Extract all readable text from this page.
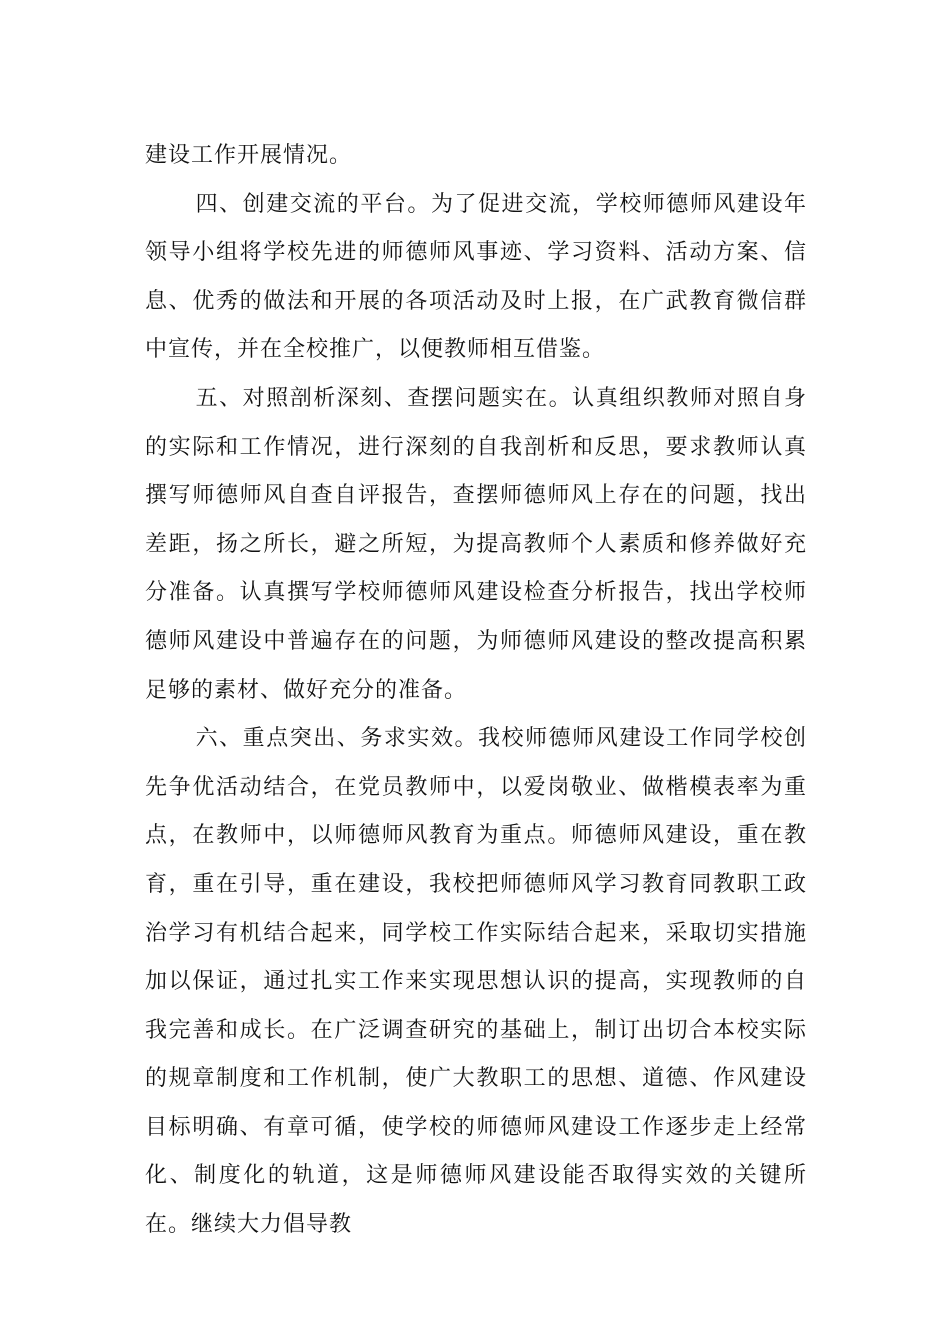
建设工作开展情况。

四、创建交流的平台。为了促进交流，学校师德师风建设年领导小组将学校先进的师德师风事迹、学习资料、活动方案、信息、优秀的做法和开展的各项活动及时上报，在广武教育微信群中宣传，并在全校推广，以便教师相互借鉴。

五、对照剖析深刻、查摆问题实在。认真组织教师对照自身的实际和工作情况，进行深刻的自我剖析和反思，要求教师认真撰写师德师风自查自评报告，查摆师德师风上存在的问题，找出差距，扬之所长，避之所短，为提高教师个人素质和修养做好充分准备。认真撰写学校师德师风建设检查分析报告，找出学校师德师风建设中普遍存在的问题，为师德师风建设的整改提高积累足够的素材、做好充分的准备。

六、重点突出、务求实效。我校师德师风建设工作同学校创先争优活动结合，在党员教师中，以爱岗敬业、做楷模表率为重点，在教师中，以师德师风教育为重点。师德师风建设，重在教育，重在引导，重在建设，我校把师德师风学习教育同教职工政治学习有机结合起来，同学校工作实际结合起来，采取切实措施加以保证，通过扎实工作来实现思想认识的提高，实现教师的自我完善和成长。在广泛调查研究的基础上，制订出切合本校实际的规章制度和工作机制，使广大教职工的思想、道德、作风建设目标明确、有章可循，使学校的师德师风建设工作逐步走上经常化、制度化的轨道，这是师德师风建设能否取得实效的关键所在。继续大力倡导教
